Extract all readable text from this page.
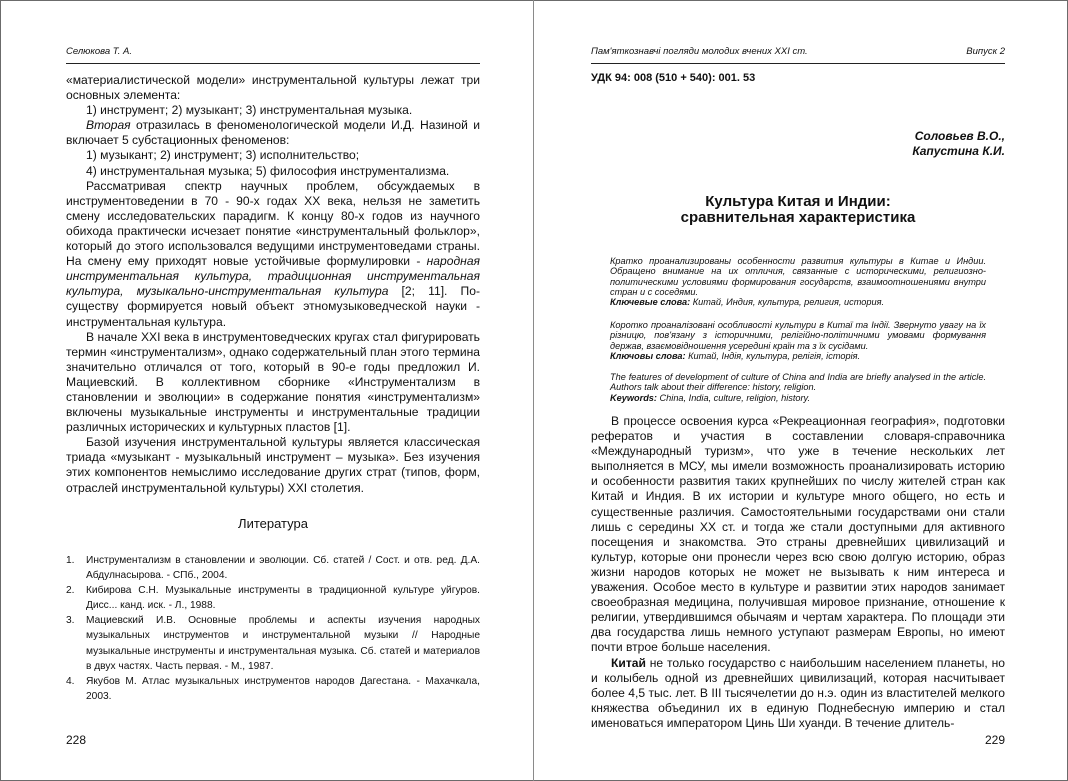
Селюкова Т. А.

«материалистической модели» инструментальной культуры лежат три основных элемента:

1) инструмент; 2) музыкант; 3) инструментальная музыка.

Вторая отразилась в феноменологической модели И.Д. Назиной и включает 5 субстационных феноменов:

1) музыкант; 2) инструмент; 3) исполнительство;

4) инструментальная музыка; 5) философия инструментализма.

Рассматривая спектр научных проблем, обсуждаемых в инструментоведении в 70 - 90-х годах XX века, нельзя не заметить смену исследовательских парадигм. К концу 80-х годов из научного обихода практически исчезает понятие «инструментальный фольклор», который до этого использовался ведущими инструментоведами страны. На смену ему приходят новые устойчивые формулировки - народная инструментальная культура, традиционная инструментальная культура, музыкально-инструментальная культура [2; 11]. По-существу формируется новый объект этномузыковедческой науки - инструментальная культура.

В начале XXI века в инструментоведческих кругах стал фигурировать термин «инструментализм», однако содержательный план этого термина значительно отличался от того, который в 90-е годы предложил И. Мациевский. В коллективном сборнике «Инструментализм в становлении и эволюции» в содержание понятия «инструментализм» включены музыкальные инструменты и инструментальные традиции различных исторических и культурных пластов [1].

Базой изучения инструментальной культуры является классическая триада «музыкант - музыкальный инструмент – музыка». Без изучения этих компонентов немыслимо исследование других страт (типов, форм, отраслей инструментальной культуры) XXI столетия.

Литература
1.	Инструментализм в становлении и эволюции. Сб. статей / Сост. и отв. ред. Д.А. Абдулнасырова. - СПб., 2004.
2.	Кибирова С.Н. Музыкальные инструменты в традиционной культуре уйгуров. Дисс... канд. иск. - Л., 1988.
3.	Мациевский И.В. Основные проблемы и аспекты изучения народных музыкальных инструментов и инструментальной музыки // Народные музыкальные инструменты и инструментальная музыка. Сб. статей и материалов в двух частях. Часть первая. - М., 1987.
4.	Якубов М. Атлас музыкальных инструментов народов Дагестана. - Махачкала, 2003.
228
Пам'яткознавчі погляди молодих вчених XXI ст.	Випуск 2
УДК 94: 008 (510 + 540): 001. 53
Соловьев В.О.,
Капустина К.И.
Культура Китая и Индии:
сравнительная характеристика
Кратко проанализированы особенности развития культуры в Китае и Индии. Обращено внимание на их отличия, связанные с историческими, религиозно-политическими условиями формирования государств, взаимоотношениями внутри стран и с соседями.
Ключевые слова: Китай, Индия, культура, религия, история.
Коротко проаналізовані особливості культури в Китаї та Індії. Звернуто увагу на їх різницю, пов'язану з історичними, релігійно-політичними умовами формування держав, взаємовідношення усередині країн та з їх сусідами.
Ключовы слова: Китай, Індія, культура, релігія, історія.
The features of development of culture of China and India are briefly analysed in the article. Authors talk about their difference: history, religion.
Keywords: China, India, culture, religion, history.

В процессе освоения курса «Рекреационная география», подготовки рефератов и участия в составлении словаря-справочника «Международный туризм», что уже в течение нескольких лет выполняется в МСУ, мы имели возможность проанализировать историю и особенности развития таких крупнейших по числу жителей стран как Китай и Индия. В их истории и культуре много общего, но есть и существенные различия. Самостоятельными государствами они стали лишь с середины XX ст. и тогда же стали доступными для активного посещения и знакомства. Это страны древнейших цивилизаций и культур, которые они пронесли через всю свою долгую историю, образ жизни народов которых не может не вызывать к ним интереса и уважения. Особое место в культуре и развитии этих народов занимает своеобразная медицина, получившая мировое признание, отношение к религии, утвердившимся обычаям и чертам характера. По площади эти два государства лишь немного уступают размерам Европы, но имеют почти втрое больше населения.

Китай не только государство с наибольшим населением планеты, но и колыбель одной из древнейших цивилизаций, которая насчитывает более 4,5 тыс. лет. В III тысячелетии до н.э. один из властителей мелкого княжества объединил их в единую Поднебесную империю и стал именоваться императором Цинь Ши хуанди. В течение длитель-

229
